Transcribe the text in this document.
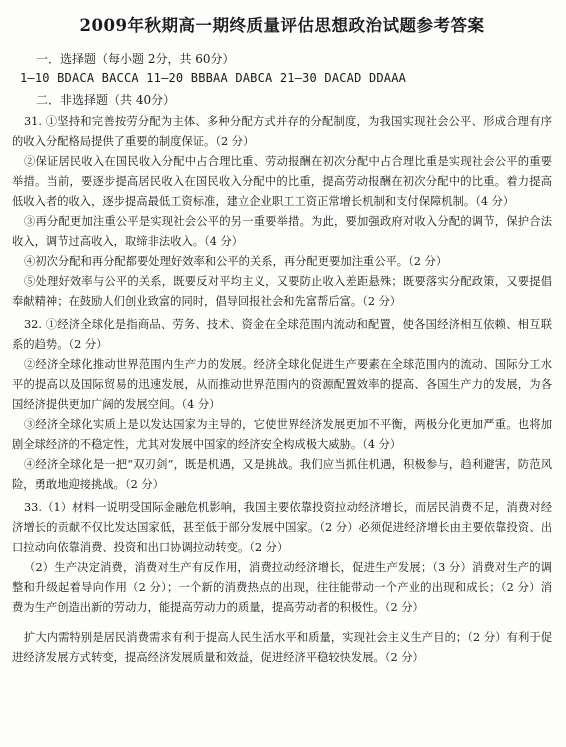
2009年秋期高一期终质量评估思想政治试题参考答案
一．选择题（每小题 2分，共 60分）
1—10 BDACA BACCA 11—20 BBBAA DABCA 21—30 DACAD DDAAA
二．非选择题（共 40分）

31. ①坚持和完善按劳分配为主体、多种分配方式并存的分配制度，为我国实现社会公平、形成合理有序的收入分配格局提供了重要的制度保证。（2 分）

②保证居民收入在国民收入分配中占合理比重、劳动报酬在初次分配中占合理比重是实现社会公平的重要举措。当前，要逐步提高居民收入在国民收入分配中的比重，提高劳动报酬在初次分配中的比重。着力提高低收入者的收入，逐步提高最低工资标准，建立企业职工工资正常增长机制和支付保障机制。（4 分）

③再分配更加注重公平是实现社会公平的另一重要举措。为此，要加强政府对收入分配的调节，保护合法收入，调节过高收入，取缔非法收入。（4 分）

④初次分配和再分配都要处理好效率和公平的关系，再分配更要加注重公平。（2 分）

⑤处理好效率与公平的关系，既要反对平均主义，又要防止收入差距悬殊；既要落实分配政策，又要提倡奉献精神；在鼓励人们创业致富的同时，倡导回报社会和先富帮后富。（2 分）

32. ①经济全球化是指商品、劳务、技术、资金在全球范围内流动和配置，使各国经济相互依赖、相互联系的趋势。（2 分）

②经济全球化推动世界范围内生产力的发展。经济全球化促进生产要素在全球范围内的流动、国际分工水平的提高以及国际贸易的迅速发展，从而推动世界范围内的资源配置效率的提高、各国生产力的发展，为各国经济提供更加广阔的发展空间。（4 分）

③经济全球化实质上是以发达国家为主导的，它使世界经济发展更加不平衡，两极分化更加严重。也将加剧全球经济的不稳定性，尤其对发展中国家的经济安全构成极大威胁。（4 分）

④经济全球化是一把“双刃剑”，既是机遇，又是挑战。我们应当抓住机遇，积极参与，趋利避害，防范风险，勇敢地迎接挑战。（2 分）

33.（1）材料一说明受国际金融危机影响，我国主要依靠投资拉动经济增长，而居民消费不足，消费对经济增长的贡献不仅比发达国家低，甚至低于部分发展中国家。（2 分）必须促进经济增长由主要依靠投资、出口拉动向依靠消费、投资和出口协调拉动转变。（2 分）

（2）生产决定消费，消费对生产有反作用，消费拉动经济增长，促进生产发展；（3 分）消费对生产的调整和升级起着导向作用（2 分）；一个新的消费热点的出现，往往能带动一个产业的出现和成长；（2 分）消费为生产创造出新的劳动力，能提高劳动力的质量，提高劳动者的积极性。（2 分）

扩大内需特别是居民消费需求有利于提高人民生活水平和质量，实现社会主义生产目的；（2 分）有利于促进经济发展方式转变，提高经济发展质量和效益，促进经济平稳较快发展。（2 分）
